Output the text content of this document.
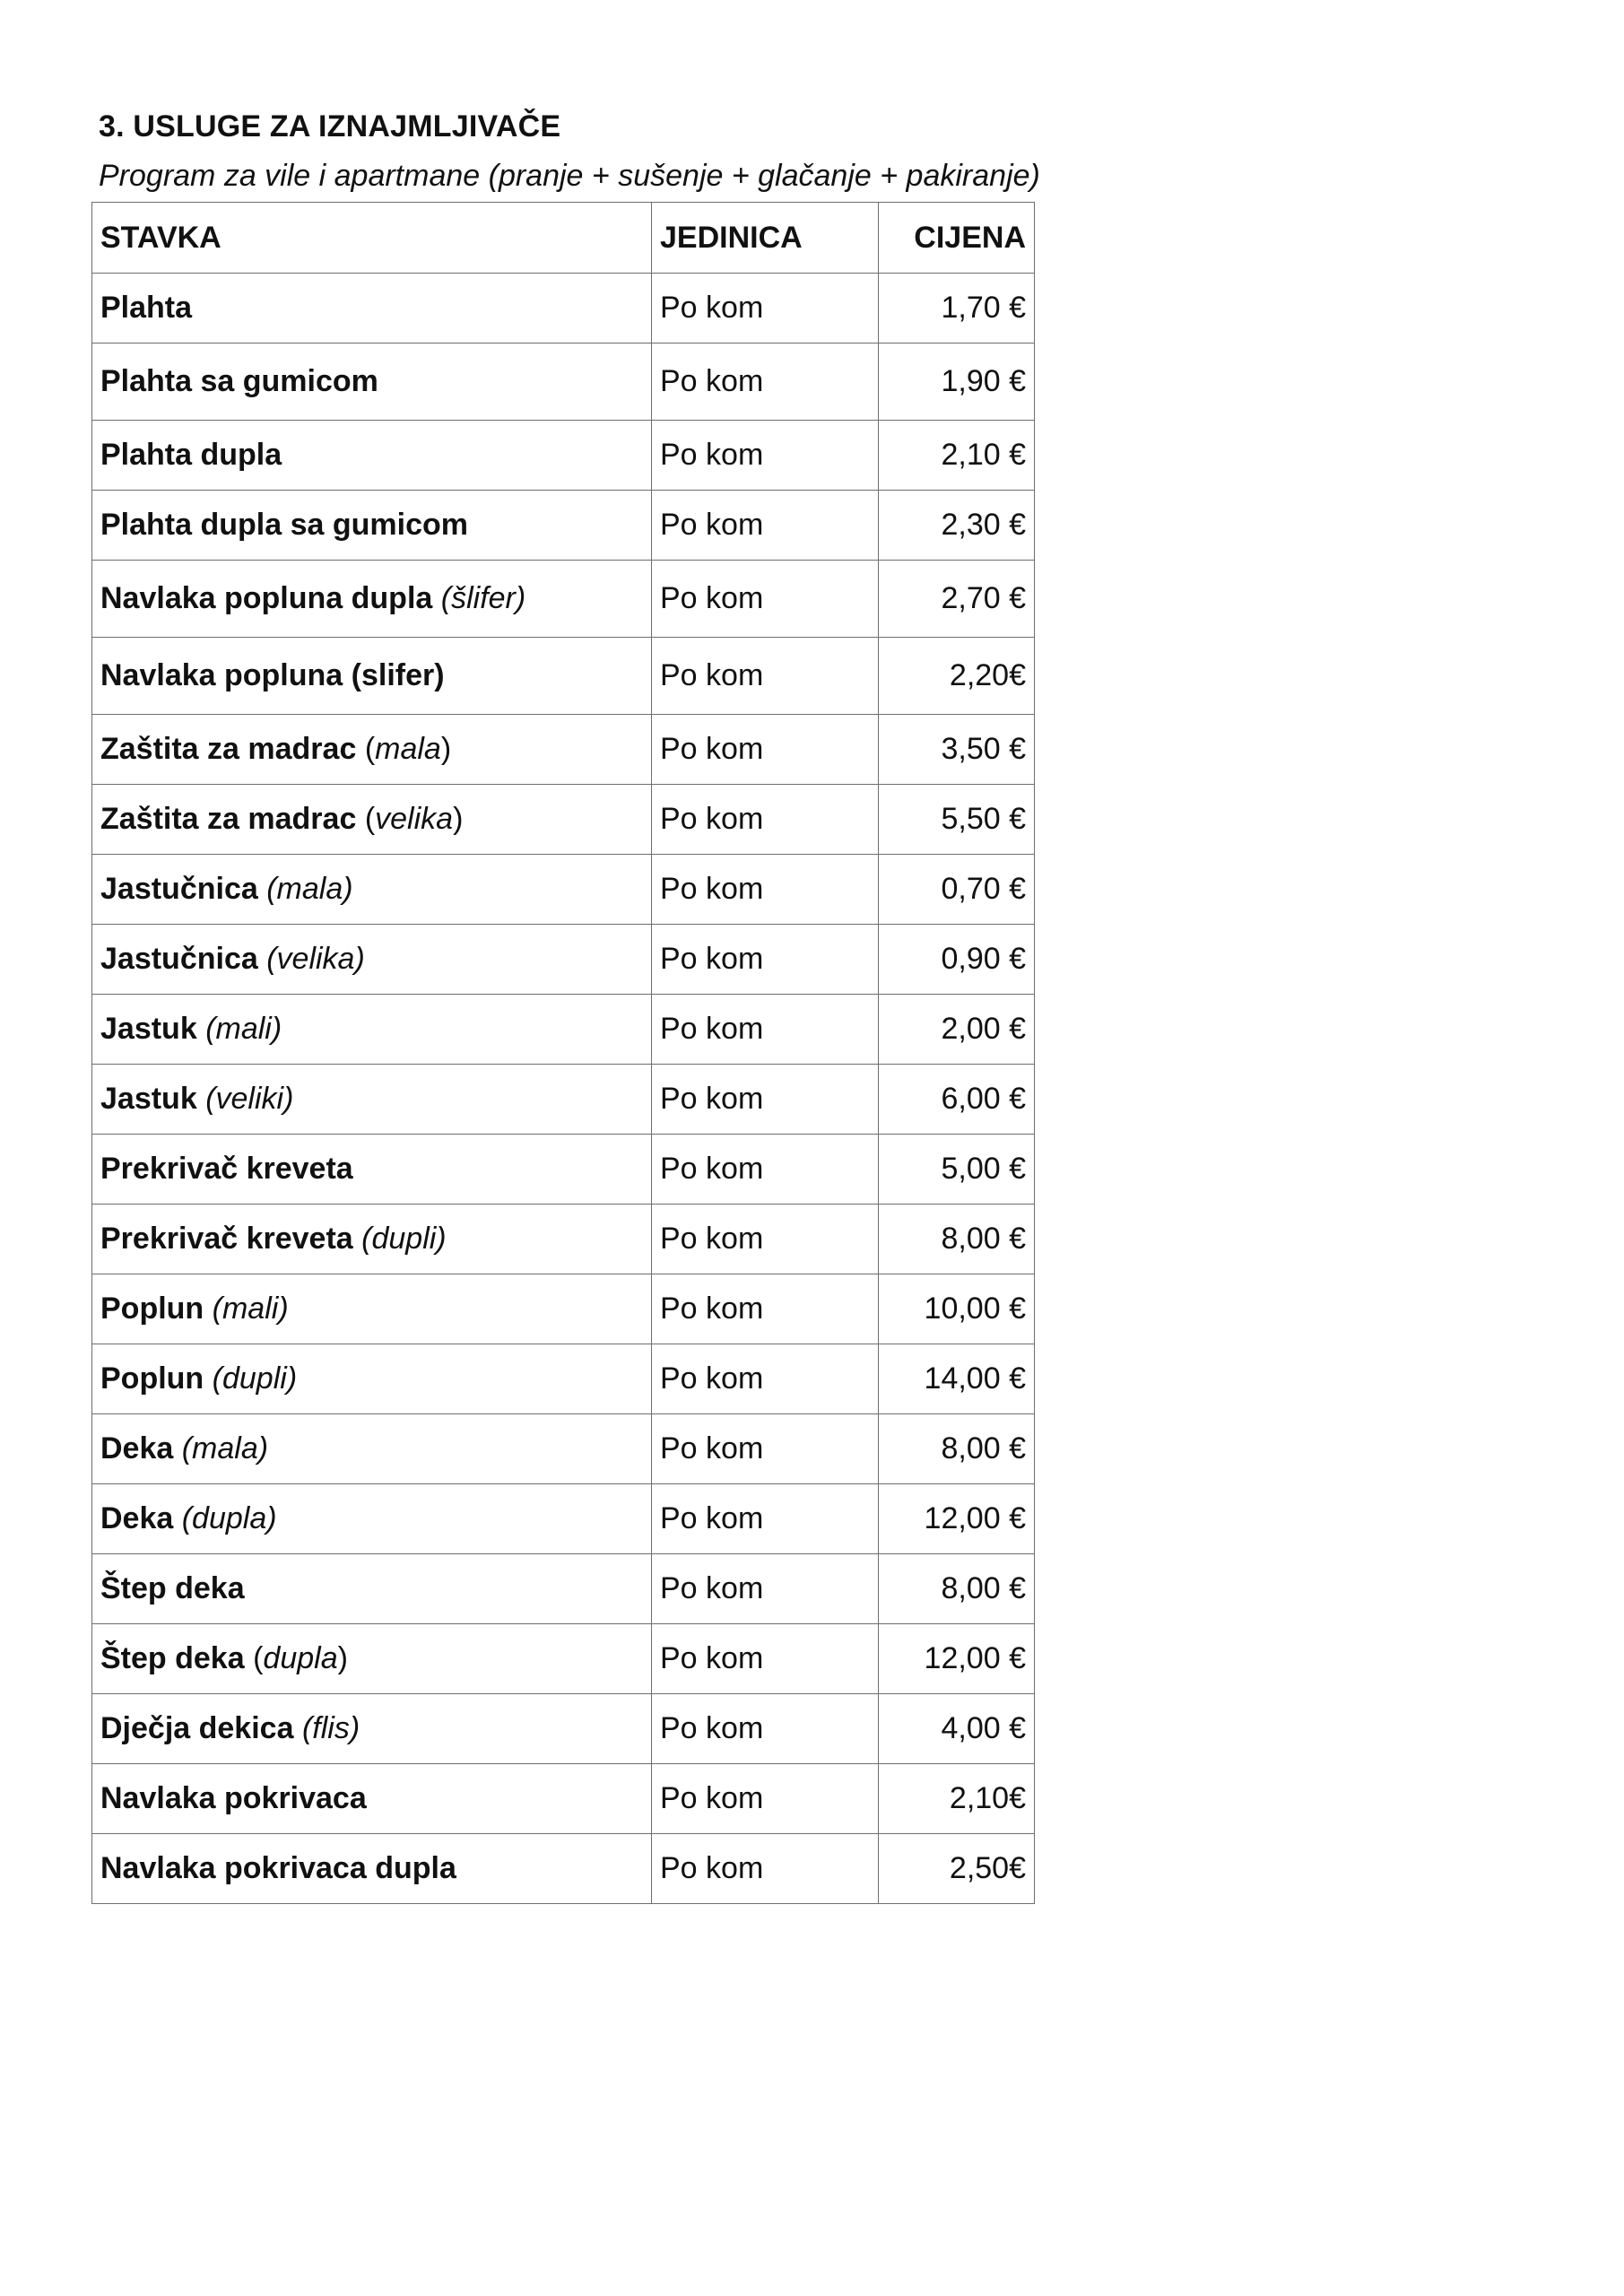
3. USLUGE ZA IZNAJMLJIVAČE

Program za vile i apartmane (pranje + sušenje + glačanje + pakiranje)

STAVKA	JEDINICA	CIJENA
Plahta	Po kom	1,70 €
Plahta sa gumicom	Po kom	1,90 €
Plahta dupla	Po kom	2,10 €
Plahta dupla sa gumicom	Po kom	2,30 €
Navlaka popluna dupla (šlifer)	Po kom	2,70 €
Navlaka popluna (slifer)	Po kom	2,20€
Zaštita za madrac (mala)	Po kom	3,50 €
Zaštita za madrac (velika)	Po kom	5,50 €
Jastučnica (mala)	Po kom	0,70 €
Jastučnica (velika)	Po kom	0,90 €
Jastuk (mali)	Po kom	2,00 €
Jastuk (veliki)	Po kom	6,00 €
Prekrivač kreveta	Po kom	5,00 €
Prekrivač kreveta (dupli)	Po kom	8,00 €
Poplun (mali)	Po kom	10,00 €
Poplun (dupli)	Po kom	14,00 €
Deka (mala)	Po kom	8,00 €
Deka (dupla)	Po kom	12,00 €
Štep deka	Po kom	8,00 €
Štep deka (dupla)	Po kom	12,00 €
Dječja dekica (flis)	Po kom	4,00 €
Navlaka pokrivaca	Po kom	2,10€
Navlaka pokrivaca dupla	Po kom	2,50€
